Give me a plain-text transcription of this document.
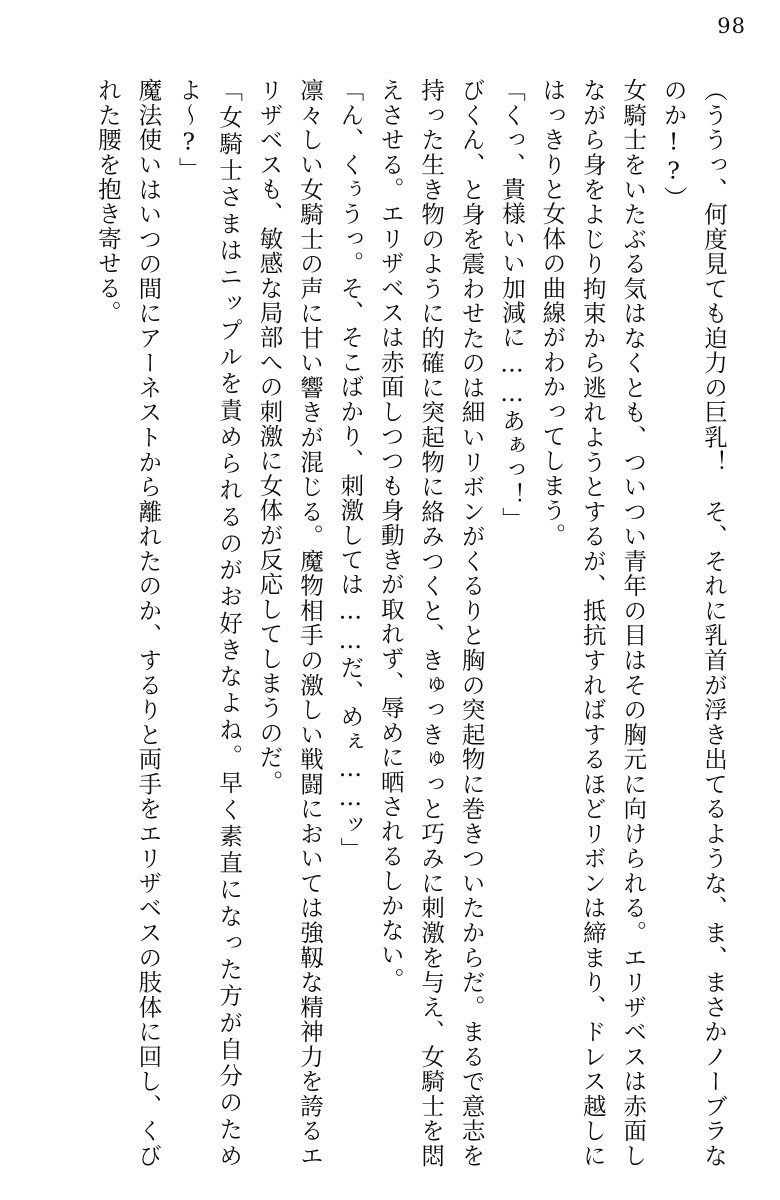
98

（ううっ、何度見ても迫力の巨乳！　そ、それに乳首が浮き出てるような、ま、まさかノーブラなのか!?）

女騎士をいたぶる気はなくとも、ついつい青年の目はその胸元に向けられる。エリザベスは赤面しながら身をよじり拘束から逃れようとするが、抵抗すればするほどリボンは締まり、ドレス越しにはっきりと女体の曲線がわかってしまう。

「くっ、貴様いい加減に……あぁっ！」

びくん、と身を震わせたのは細いリボンがくるりと胸の突起物に巻きついたからだ。まるで意志を持った生き物のように的確に突起物に絡みつくと、きゅっきゅっと巧みに刺激を与え、女騎士を悶えさせる。エリザベスは赤面しつつも身動きが取れず、辱めに晒されるしかない。

「ん、くぅうっ。そ、そこばかり、刺激しては……だ、めぇ……ッ」

凛々しい女騎士の声に甘い響きが混じる。魔物相手の激しい戦闘においては強靱な精神力を誇るエリザベスも、敏感な局部への刺激に女体が反応してしまうのだ。

「女騎士さまはニップルを責められるのがお好きなよね。早く素直になった方が自分のためよ〜?」

魔法使いはいつの間にアーネストから離れたのか、するりと両手をエリザベスの肢体に回し、くびれた腰を抱き寄せる。
